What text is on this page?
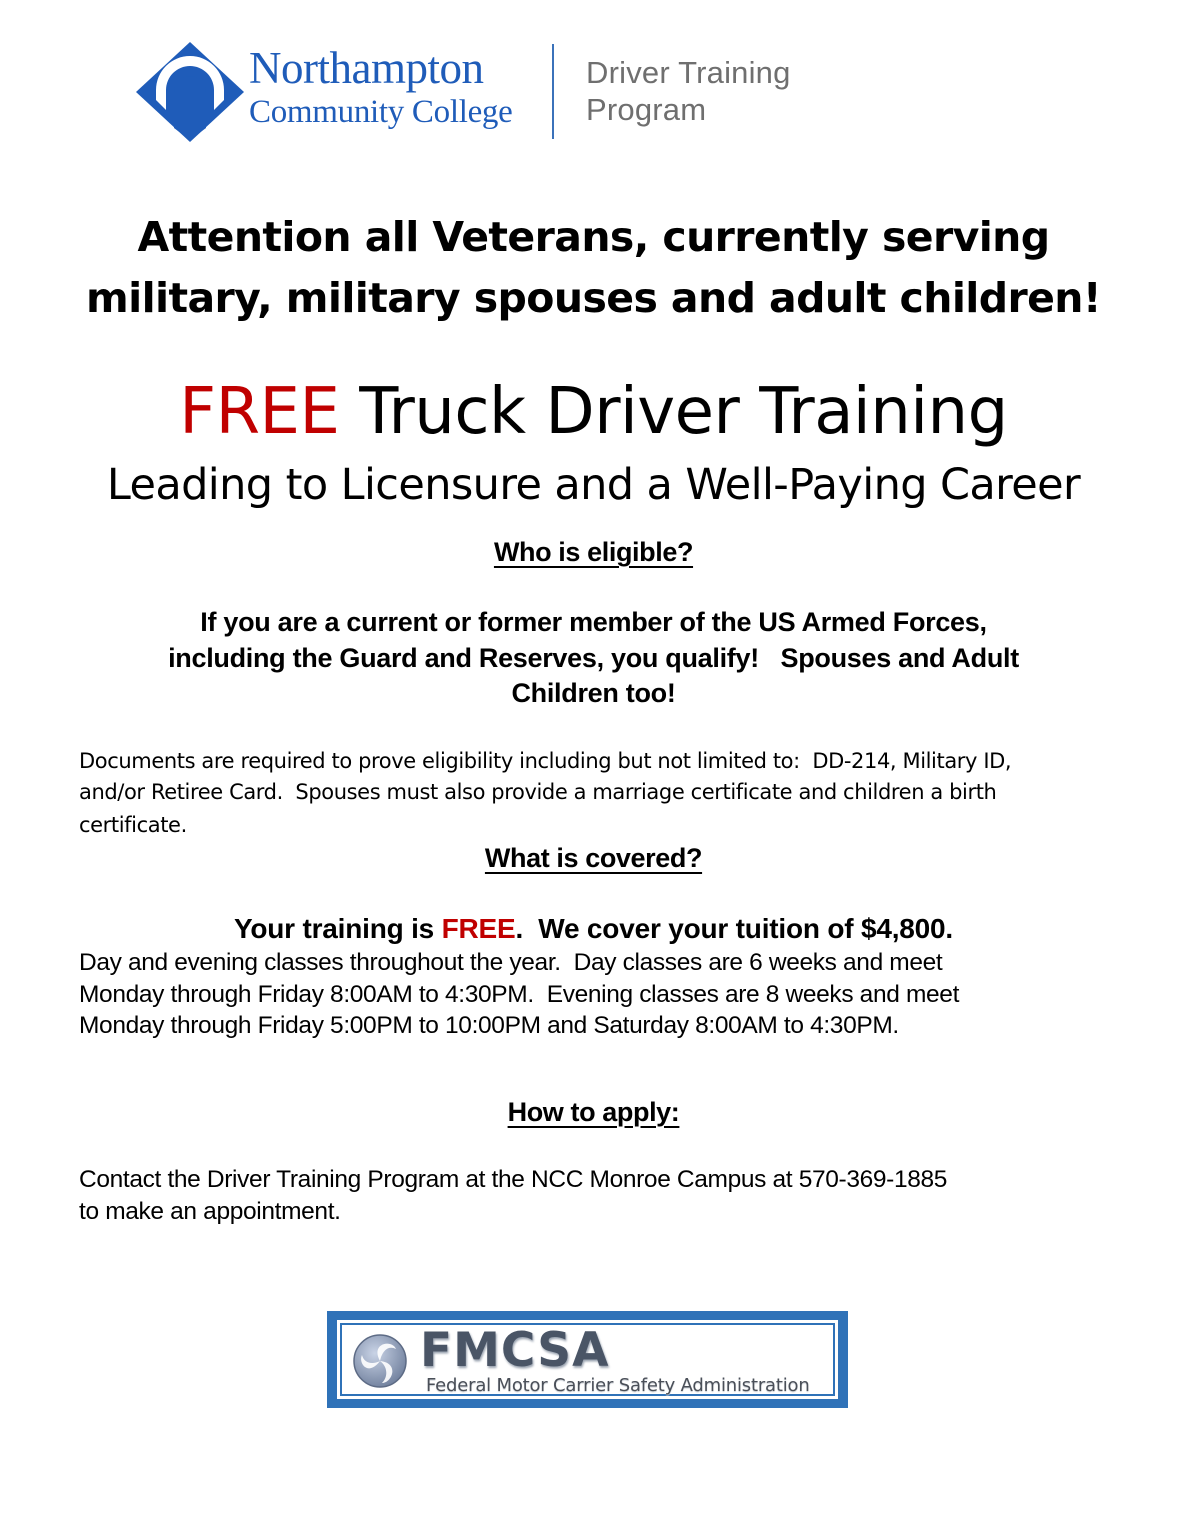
Northampton
Community College
Driver Training
Program
Attention all Veterans, currently serving
military, military spouses and adult children!
FREE Truck Driver Training
Leading to Licensure and a Well-Paying Career
Who is eligible?
If you are a current or former member of the US Armed Forces,
including the Guard and Reserves, you qualify!   Spouses and Adult
Children too!
Documents are required to prove eligibility including but not limited to:  DD-214, Military ID,
and/or Retiree Card.  Spouses must also provide a marriage certificate and children a birth
certificate.
What is covered?
Your training is FREE.  We cover your tuition of $4,800.
Day and evening classes throughout the year.  Day classes are 6 weeks and meet
Monday through Friday 8:00AM to 4:30PM.  Evening classes are 8 weeks and meet
Monday through Friday 5:00PM to 10:00PM and Saturday 8:00AM to 4:30PM.
How to apply:
Contact the Driver Training Program at the NCC Monroe Campus at 570-369-1885
to make an appointment.
FMCSA
Federal Motor Carrier Safety Administration
